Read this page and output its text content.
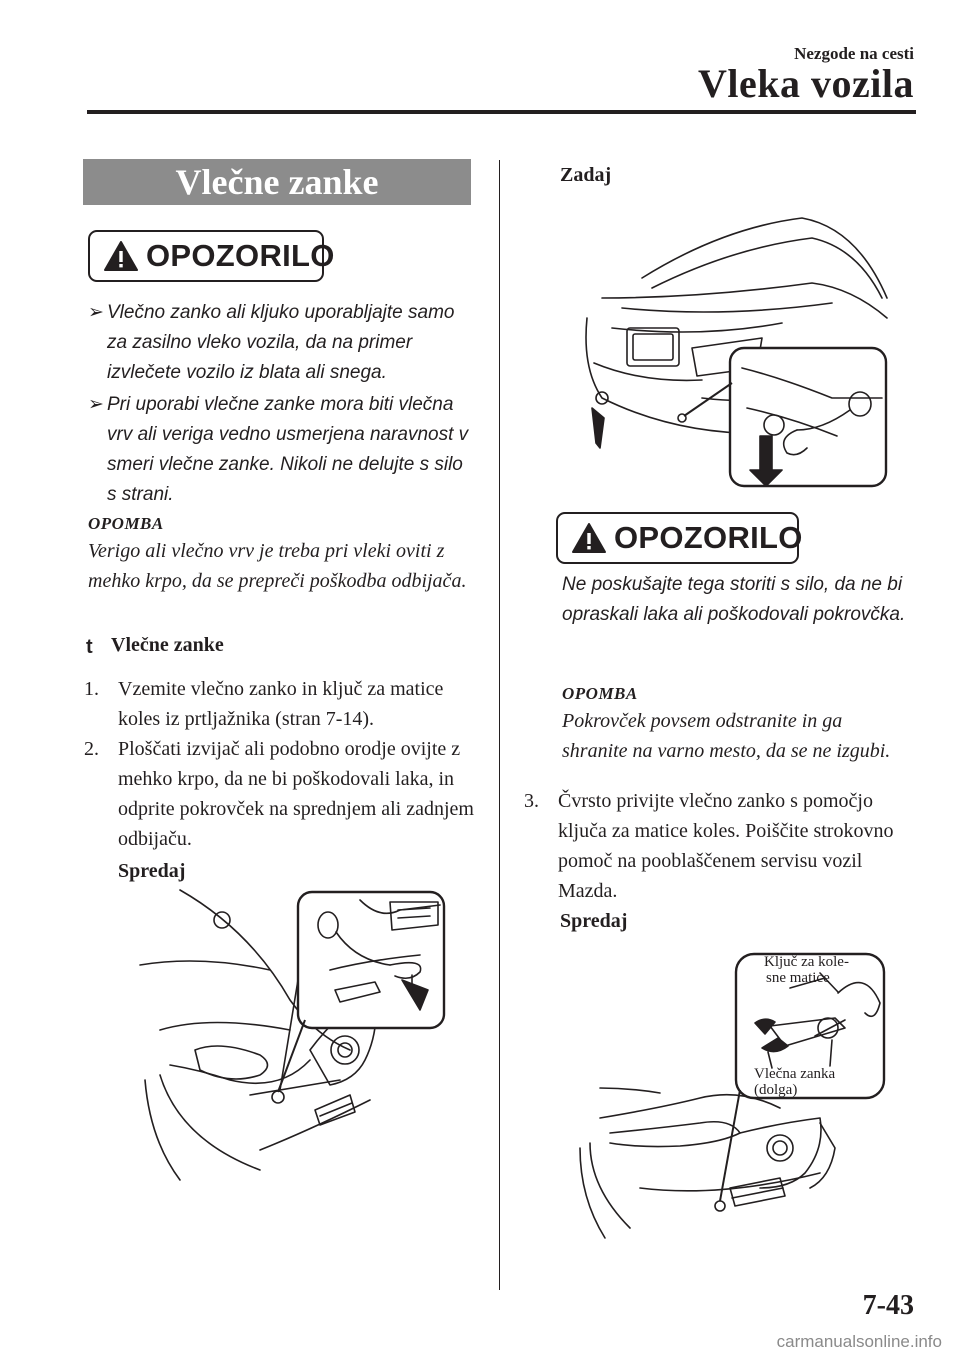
Nezgode na cesti
Vleka vozila
Vlečne zanke
OPOZORILO
➢ Vlečno zanko ali kljuko uporabljajte samo za zasilno vleko vozila, da na primer izvlečete vozilo iz blata ali snega.
➢ Pri uporabi vlečne zanke mora biti vlečna vrv ali veriga vedno usmerjena naravnost v smeri vlečne zanke. Nikoli ne delujte s silo s strani.
OPOMBA
Verigo ali vlečno vrv je treba pri vleki oviti z mehko krpo, da se prepreči poškodba odbijača.
t Vlečne zanke
1. Vzemite vlečno zanko in ključ za matice koles iz prtljažnika (stran 7-14).
2. Ploščati izvijač ali podobno orodje ovijte z mehko krpo, da ne bi poškodovali laka, in odprite pokrovček na sprednjem ali zadnjem odbijaču.
Spredaj
Zadaj
OPOZORILO
Ne poskušajte tega storiti s silo, da ne bi opraskali laka ali poškodovali pokrovčka.
OPOMBA
Pokrovček povsem odstranite in ga shranite na varno mesto, da se ne izgubi.
3. Čvrsto privijte vlečno zanko s pomočjo ključa za matice koles. Poiščite strokovno pomoč na pooblaščenem servisu vozil Mazda.
Spredaj
Ključ za kole-
sne matice
Vlečna zanka
(dolga)
7-43
carmanualsonline.info
